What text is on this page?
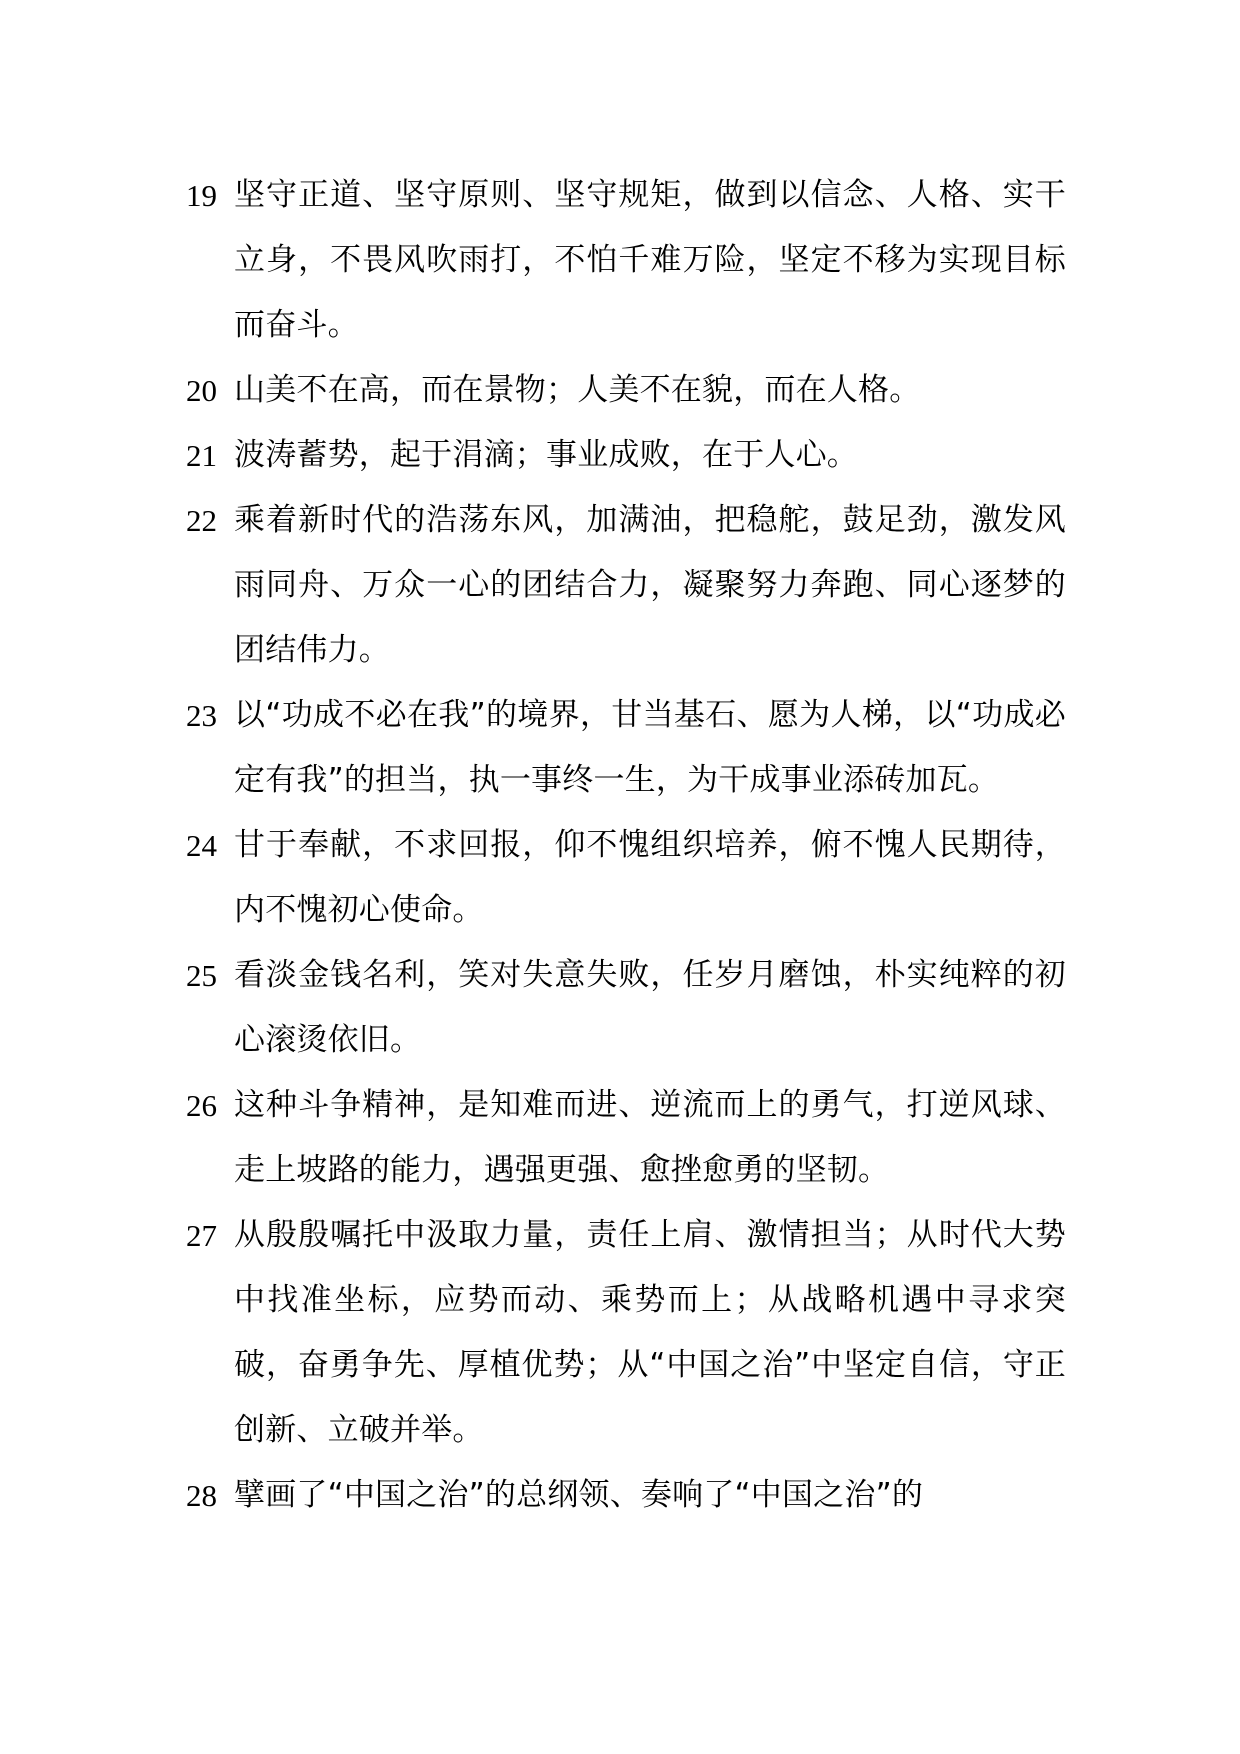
19 坚守正道、坚守原则、坚守规矩，做到以信念、人格、实干立身，不畏风吹雨打，不怕千难万险，坚定不移为实现目标而奋斗。
20 山美不在高，而在景物；人美不在貌，而在人格。
21 波涛蓄势，起于涓滴；事业成败，在于人心。
22 乘着新时代的浩荡东风，加满油，把稳舵，鼓足劲，激发风雨同舟、万众一心的团结合力，凝聚努力奔跑、同心逐梦的团结伟力。
23 以“功成不必在我”的境界，甘当基石、愿为人梯，以“功成必定有我”的担当，执一事终一生，为干成事业添砖加瓦。
24 甘于奉献，不求回报，仰不愧组织培养，俯不愧人民期待，内不愧初心使命。
25 看淡金钱名利，笑对失意失败，任岁月磨蚀，朴实纯粹的初心滚烫依旧。
26 这种斗争精神，是知难而进、逆流而上的勇气，打逆风球、走上坡路的能力，遇强更强、愈挫愈勇的坚韧。
27 从殷殷嘱托中汲取力量，责任上肩、激情担当；从时代大势中找准坐标，应势而动、乘势而上；从战略机遇中寻求突破，奋勇争先、厚植优势；从“中国之治”中坚定自信，守正创新、立破并举。
28 擘画了“中国之治”的总纲领、奏响了“中国之治”的
